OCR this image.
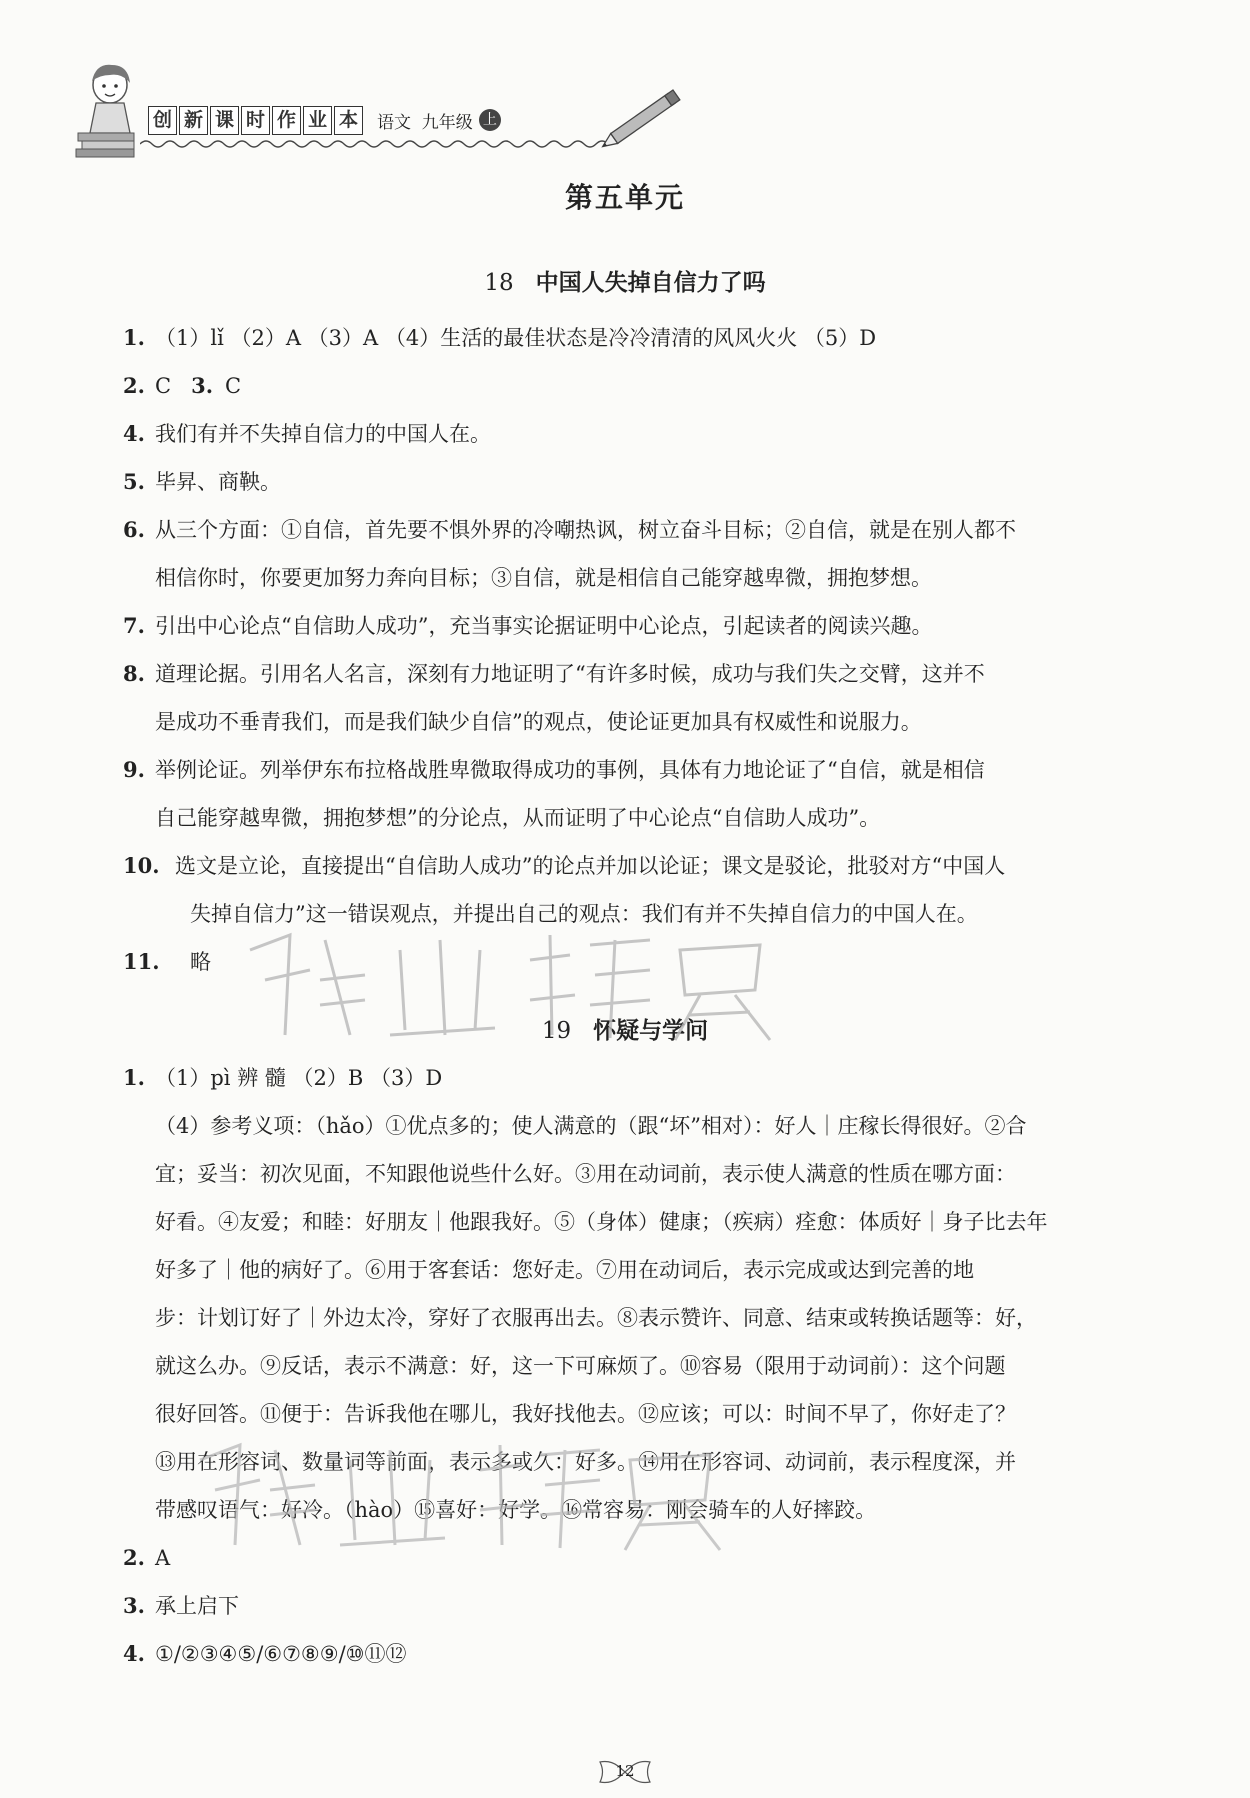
创 新 课 时 作 业 本 语文  九年级 上
第五单元
18 中国人失掉自信力了吗
1. （1）lǐ （2）A （3）A （4）生活的最佳状态是冷冷清清的风风火火 （5）D
2. C   3. C
4. 我们有并不失掉自信力的中国人在。
5. 毕昇、商鞅。
6. 从三个方面：①自信，首先要不惧外界的冷嘲热讽，树立奋斗目标；②自信，就是在别人都不
相信你时，你要更加努力奔向目标；③自信，就是相信自己能穿越卑微，拥抱梦想。
7. 引出中心论点“自信助人成功”，充当事实论据证明中心论点，引起读者的阅读兴趣。
8. 道理论据。引用名人名言，深刻有力地证明了“有许多时候，成功与我们失之交臂，这并不
是成功不垂青我们，而是我们缺少自信”的观点，使论证更加具有权威性和说服力。
9. 举例论证。列举伊东布拉格战胜卑微取得成功的事例，具体有力地论证了“自信，就是相信
自己能穿越卑微，拥抱梦想”的分论点，从而证明了中心论点“自信助人成功”。
10. 选文是立论，直接提出“自信助人成功”的论点并加以论证；课文是驳论，批驳对方“中国人
失掉自信力”这一错误观点，并提出自己的观点：我们有并不失掉自信力的中国人在。
11. 略
19 怀疑与学问
1. （1）pì 辨 髓 （2）B （3）D
（4）参考义项：（hǎo）①优点多的；使人满意的（跟“坏”相对）：好人｜庄稼长得很好。②合
宜；妥当：初次见面，不知跟他说些什么好。③用在动词前，表示使人满意的性质在哪方面：
好看。④友爱；和睦：好朋友｜他跟我好。⑤（身体）健康；（疾病）痊愈：体质好｜身子比去年
好多了｜他的病好了。⑥用于客套话：您好走。⑦用在动词后，表示完成或达到完善的地
步：计划订好了｜外边太冷，穿好了衣服再出去。⑧表示赞许、同意、结束或转换话题等：好，
就这么办。⑨反话，表示不满意：好，这一下可麻烦了。⑩容易（限用于动词前）：这个问题
很好回答。⑪便于：告诉我他在哪儿，我好找他去。⑫应该；可以：时间不早了，你好走了？
⑬用在形容词、数量词等前面，表示多或久：好多。⑭用在形容词、动词前，表示程度深，并
带感叹语气：好冷。（hào）⑮喜好：好学。⑯常容易：刚会骑车的人好摔跤。
2. A
3. 承上启下
4. ①/②③④⑤/⑥⑦⑧⑨/⑩⑪⑫
12
